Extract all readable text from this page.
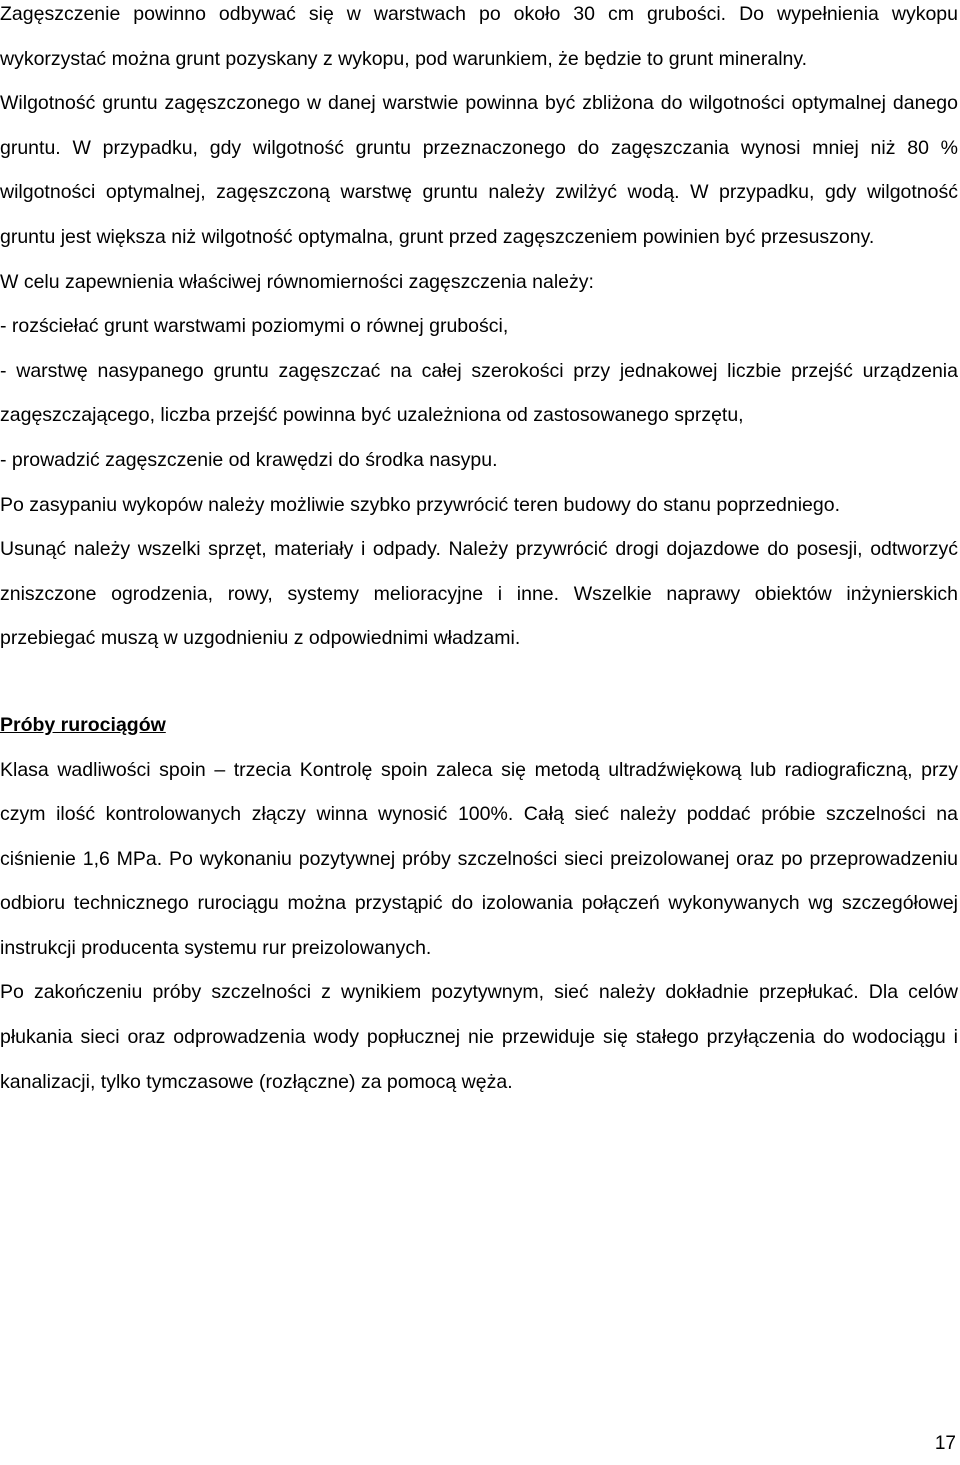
Zagęszczenie powinno odbywać się w warstwach po około 30 cm grubości. Do wypełnienia wykopu wykorzystać można grunt pozyskany z wykopu, pod warunkiem, że będzie to grunt mineralny.

Wilgotność gruntu zagęszczonego w danej warstwie powinna być zbliżona do wilgotności optymalnej danego gruntu. W przypadku, gdy wilgotność gruntu przeznaczonego do zagęszczania wynosi mniej niż 80 % wilgotności optymalnej, zagęszczoną warstwę gruntu należy zwilżyć wodą. W przypadku, gdy wilgotność gruntu jest większa niż wilgotność optymalna, grunt przed zagęszczeniem powinien być przesuszony.

W celu zapewnienia właściwej równomierności zagęszczenia należy:

- rozściełać grunt warstwami poziomymi o równej grubości,

- warstwę nasypanego gruntu zagęszczać na całej szerokości przy jednakowej liczbie przejść urządzenia zagęszczającego, liczba przejść powinna być uzależniona od zastosowanego sprzętu,

- prowadzić zagęszczenie od krawędzi do środka nasypu.

Po zasypaniu wykopów należy możliwie szybko przywrócić teren budowy do stanu poprzedniego.

Usunąć należy wszelki sprzęt, materiały i odpady. Należy przywrócić drogi dojazdowe do posesji, odtworzyć zniszczone ogrodzenia, rowy, systemy melioracyjne i inne. Wszelkie naprawy obiektów inżynierskich przebiegać muszą w uzgodnieniu z odpowiednimi władzami.

Próby rurociągów

Klasa wadliwości spoin – trzecia Kontrolę spoin zaleca się metodą ultradźwiękową lub radiograficzną, przy czym ilość kontrolowanych złączy winna wynosić 100%. Całą sieć należy poddać próbie szczelności na ciśnienie 1,6 MPa. Po wykonaniu pozytywnej próby szczelności sieci preizolowanej oraz po przeprowadzeniu odbioru technicznego rurociągu można przystąpić do izolowania połączeń wykonywanych wg szczegółowej instrukcji producenta systemu rur preizolowanych.

Po zakończeniu próby szczelności z wynikiem pozytywnym, sieć należy dokładnie przepłukać. Dla celów płukania sieci oraz odprowadzenia wody popłucznej nie przewiduje się stałego przyłączenia do wodociągu i kanalizacji, tylko tymczasowe (rozłączne) za pomocą węża.

17
